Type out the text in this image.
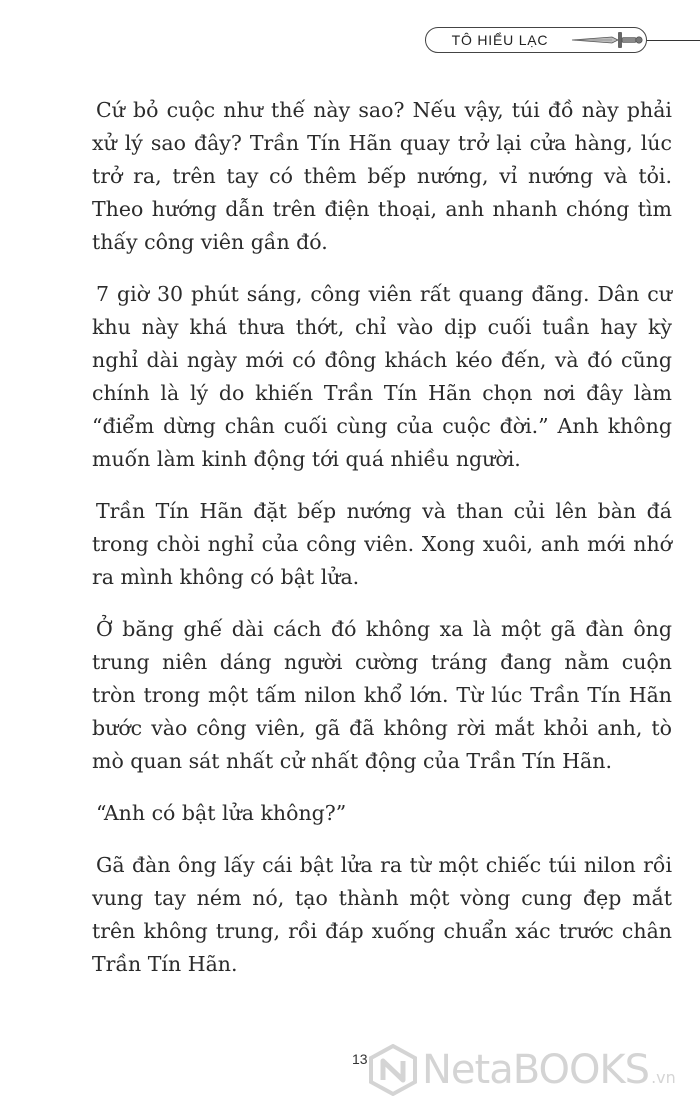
TÔ HIỂU LẠC

Cứ bỏ cuộc như thế này sao? Nếu vậy, túi đồ này phải xử lý sao đây? Trần Tín Hãn quay trở lại cửa hàng, lúc trở ra, trên tay có thêm bếp nướng, vỉ nướng và tỏi. Theo hướng dẫn trên điện thoại, anh nhanh chóng tìm thấy công viên gần đó.

7 giờ 30 phút sáng, công viên rất quang đãng. Dân cư khu này khá thưa thớt, chỉ vào dịp cuối tuần hay kỳ nghỉ dài ngày mới có đông khách kéo đến, và đó cũng chính là lý do khiến Trần Tín Hãn chọn nơi đây làm “điểm dừng chân cuối cùng của cuộc đời.” Anh không muốn làm kinh động tới quá nhiều người.

Trần Tín Hãn đặt bếp nướng và than củi lên bàn đá trong chòi nghỉ của công viên. Xong xuôi, anh mới nhớ ra mình không có bật lửa.

Ở băng ghế dài cách đó không xa là một gã đàn ông trung niên dáng người cường tráng đang nằm cuộn tròn trong một tấm nilon khổ lớn. Từ lúc Trần Tín Hãn bước vào công viên, gã đã không rời mắt khỏi anh, tò mò quan sát nhất cử nhất động của Trần Tín Hãn.

“Anh có bật lửa không?”

Gã đàn ông lấy cái bật lửa ra từ một chiếc túi nilon rồi vung tay ném nó, tạo thành một vòng cung đẹp mắt trên không trung, rồi đáp xuống chuẩn xác trước chân Trần Tín Hãn.

13 NetaBOOKS .vn
